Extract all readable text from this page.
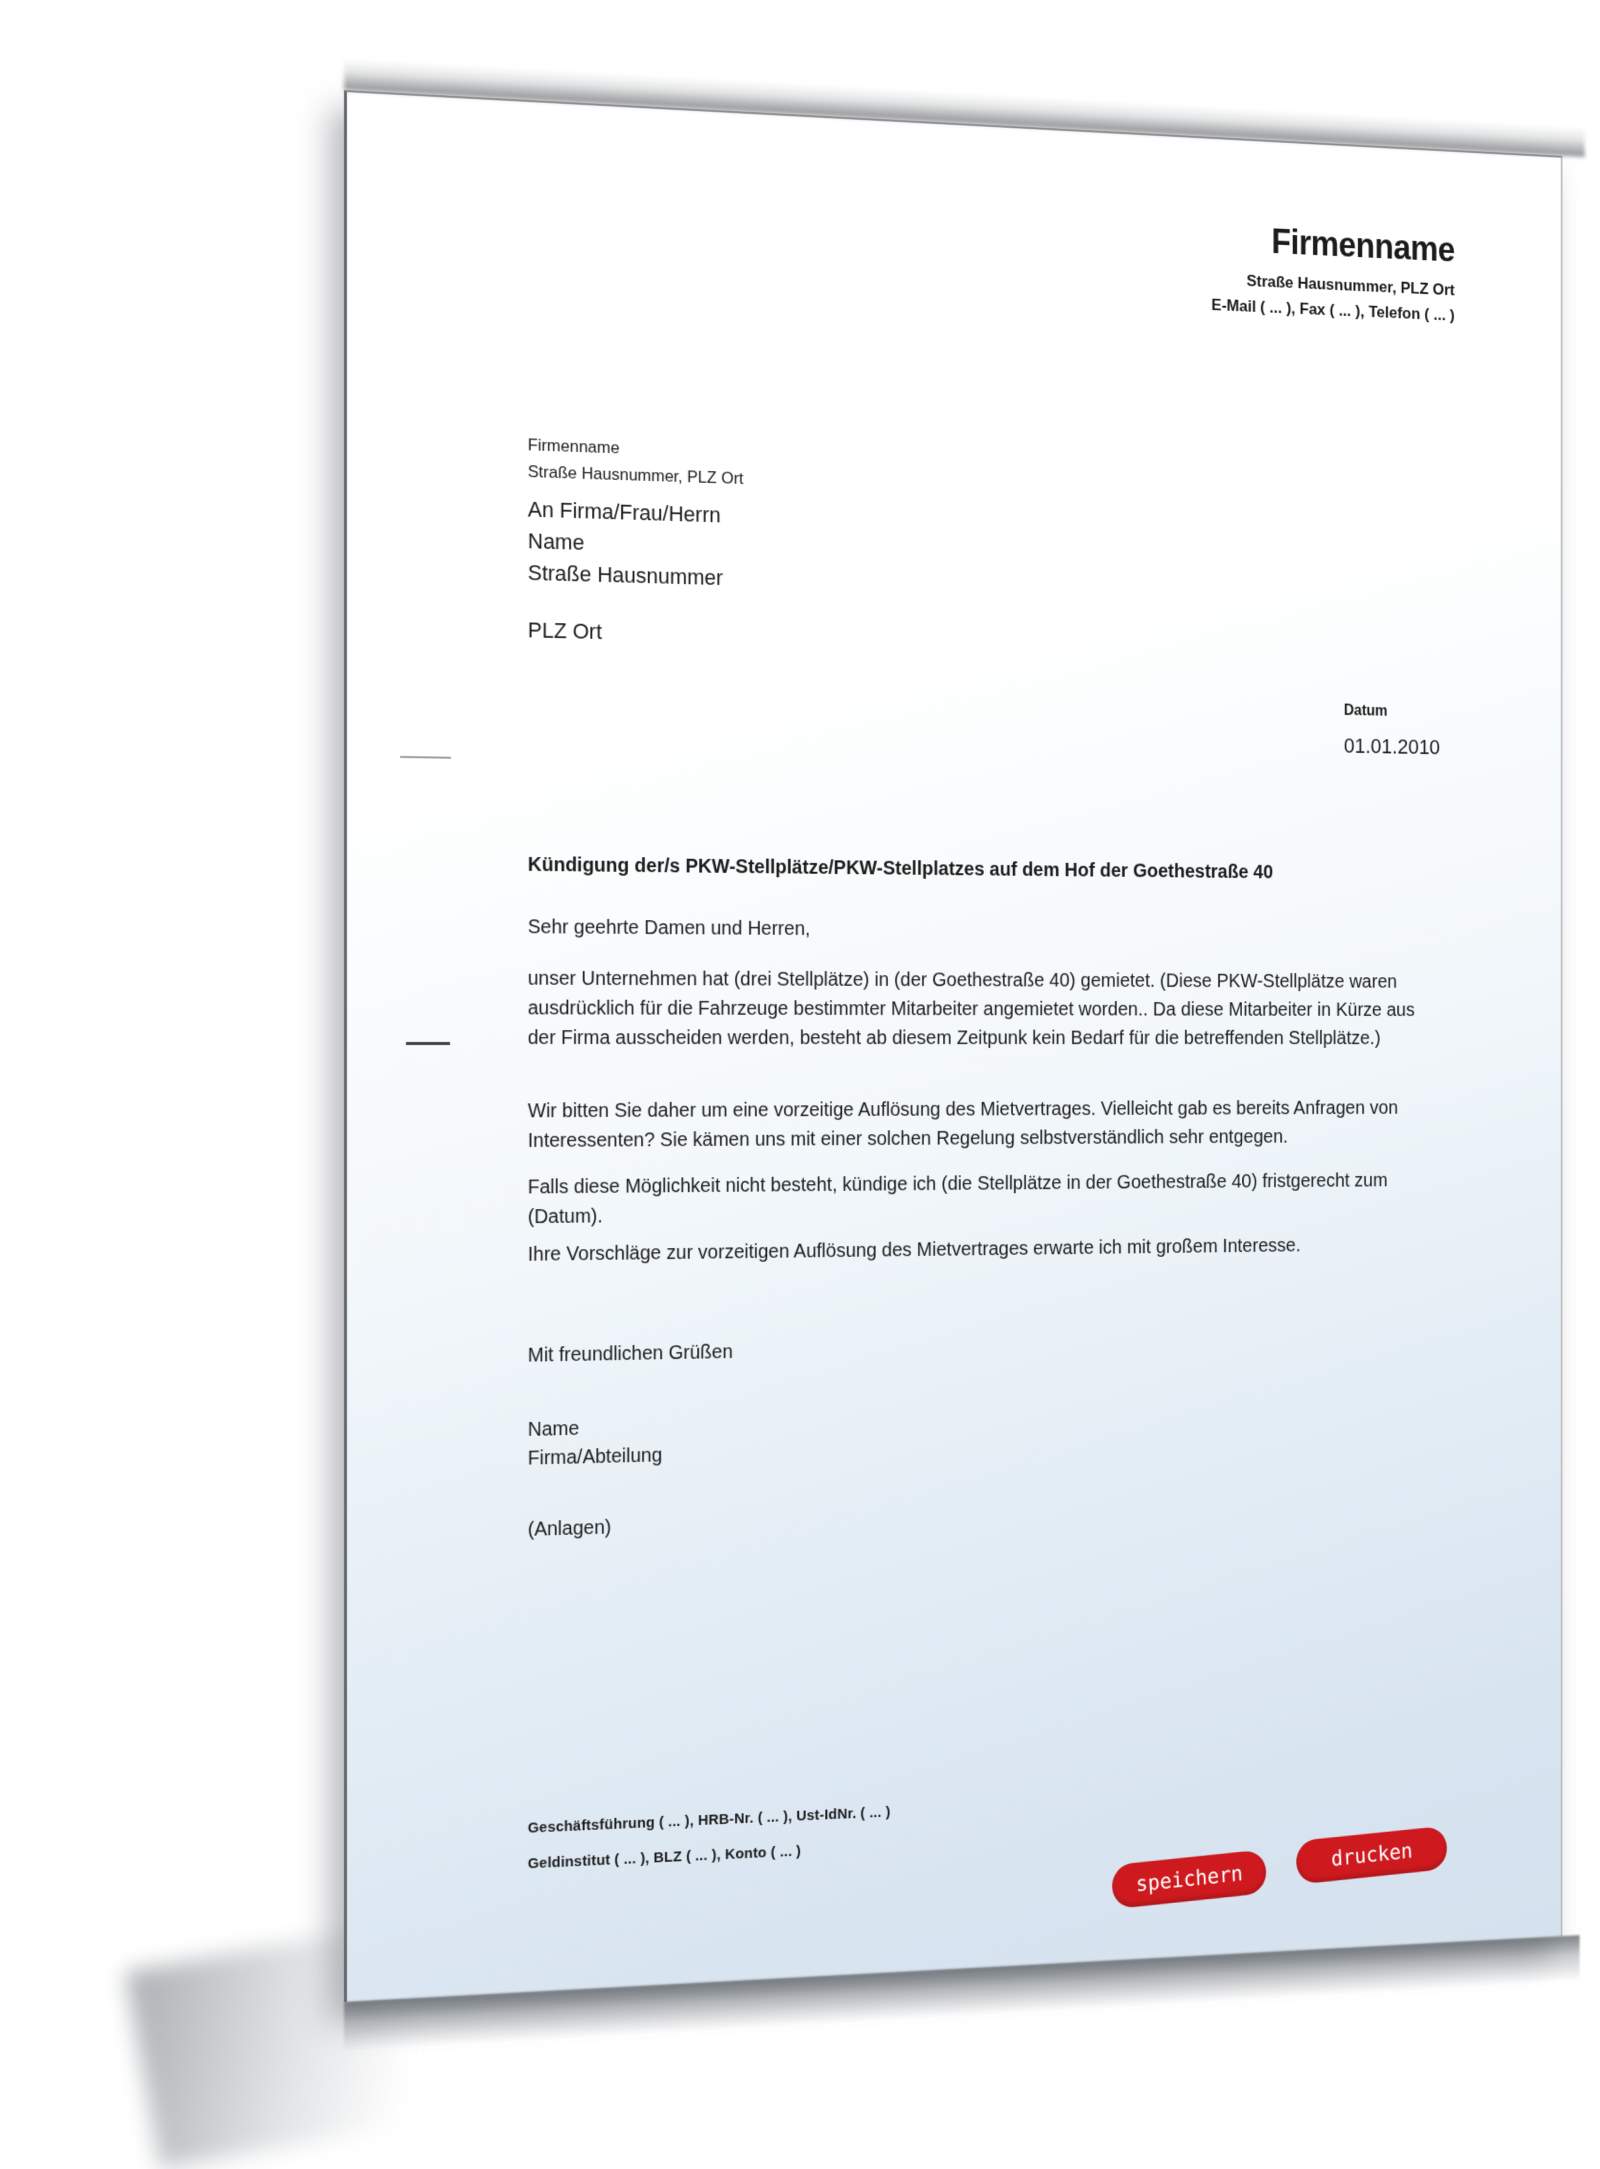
Firmenname
Straße Hausnummer, PLZ Ort
E-Mail ( ... ), Fax ( ... ), Telefon ( ... )
Firmenname
Straße Hausnummer, PLZ Ort
An Firma/Frau/Herrn
Name
Straße Hausnummer
PLZ Ort
Datum
01.01.2010
Kündigung der/s PKW-Stellplätze/PKW-Stellplatzes auf dem Hof der Goethestraße 40
Sehr geehrte Damen und Herren,

unser Unternehmen hat (drei Stellplätze) in (der Goethestraße 40) gemietet. (Diese PKW-Stellplätze waren ausdrücklich für die Fahrzeuge bestimmter Mitarbeiter angemietet worden.. Da diese Mitarbeiter in Kürze aus der Firma ausscheiden werden, besteht ab diesem Zeitpunk kein Bedarf für die betreffenden Stellplätze.)

Wir bitten Sie daher um eine vorzeitige Auflösung des Mietvertrages. Vielleicht gab es bereits Anfragen von Interessenten? Sie kämen uns mit einer solchen Regelung selbstverständlich sehr entgegen.

Falls diese Möglichkeit nicht besteht, kündige ich (die Stellplätze in der Goethestraße 40) fristgerecht zum (Datum).

Ihre Vorschläge zur vorzeitigen Auflösung des Mietvertrages erwarte ich mit großem Interesse.

Mit freundlichen Grüßen
Name
Firma/Abteilung
(Anlagen)
Geschäftsführung ( ... ), HRB-Nr. ( ... ), Ust-IdNr. ( ... )
Geldinstitut ( ... ), BLZ ( ... ), Konto ( ... )
speichern
drucken
